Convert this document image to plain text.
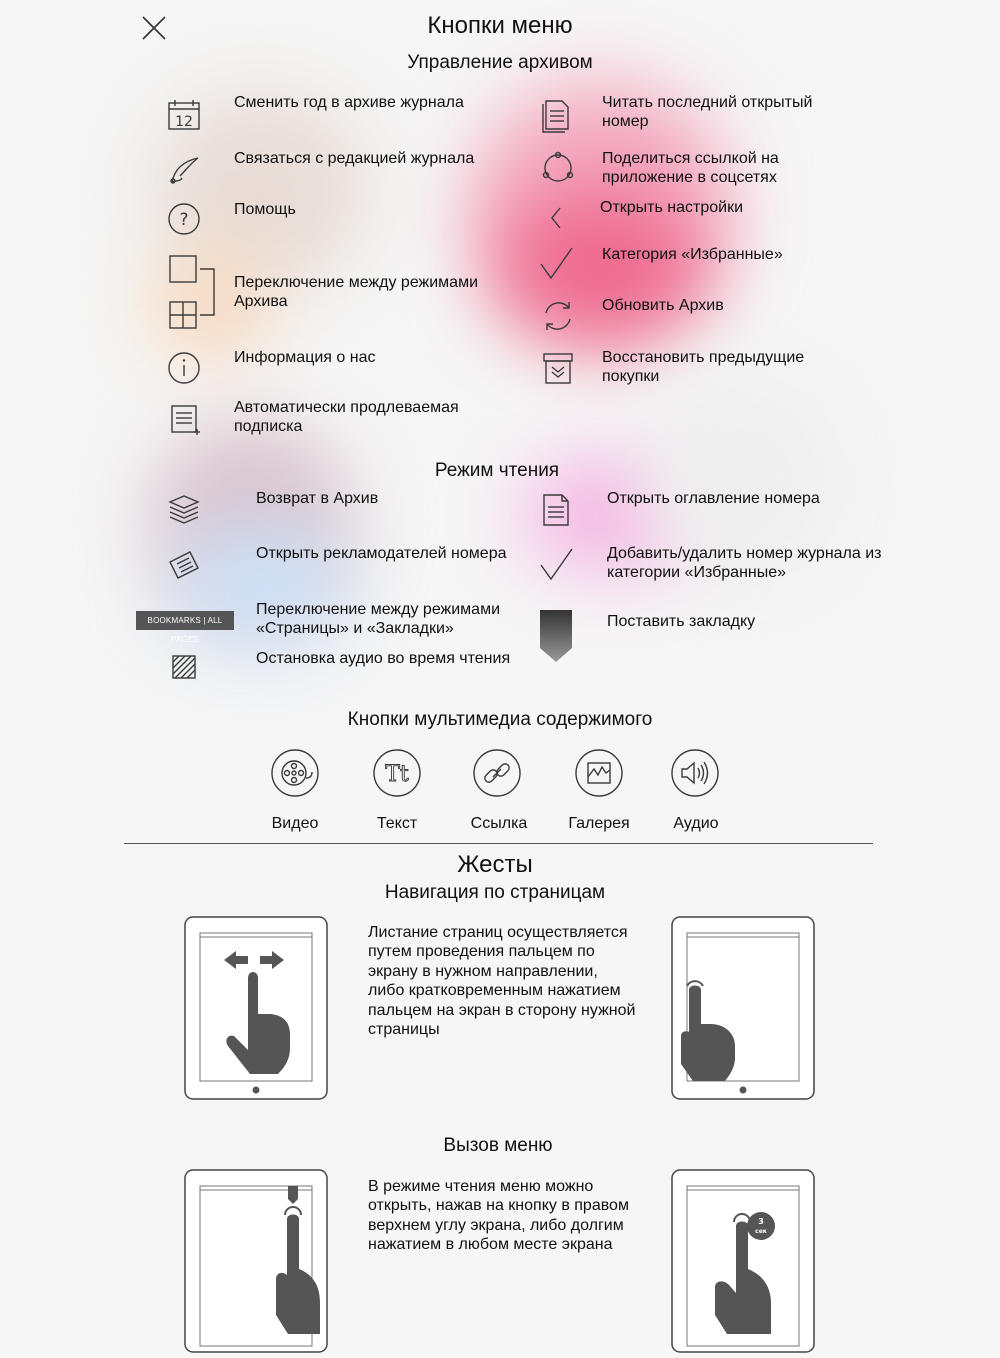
Кнопки меню
Управление архивом
12
Сменить год в архиве журнала
Связаться с редакцией журнала
?
Помощь
Переключение между режимами Архива
Информация о нас
Автоматически продлеваемая подписка
Читать последний открытый номер
Поделиться ссылкой на приложение в соцсетях
Открыть настройки
Категория «Избранные»
Обновить Архив
Восстановить предыдущие покупки
Режим чтения
Возврат в Архив
Открыть рекламодателей номера
BOOKMARKS | ALL PAGES
Переключение между режимами «Страницы» и «Закладки»
Остановка аудио во время чтения
Открыть оглавление номера
Добавить/удалить номер журнала из категории «Избранные»
Поставить закладку
Кнопки мультимедиа содержимого
Видео
Tt
Текст	Ссылка	Галерея	Аудио
Жесты
Навигация по страницам
Листание страниц осуществляется путем проведения пальцем по экрану в нужном направлении, либо кратковременным нажатием пальцем на экран в сторону нужной страницы
Вызов меню
В режиме чтения меню можно открыть, нажав на кнопку в правом верхнем углу экрана, либо долгим нажатием в любом месте экрана
3
сек
